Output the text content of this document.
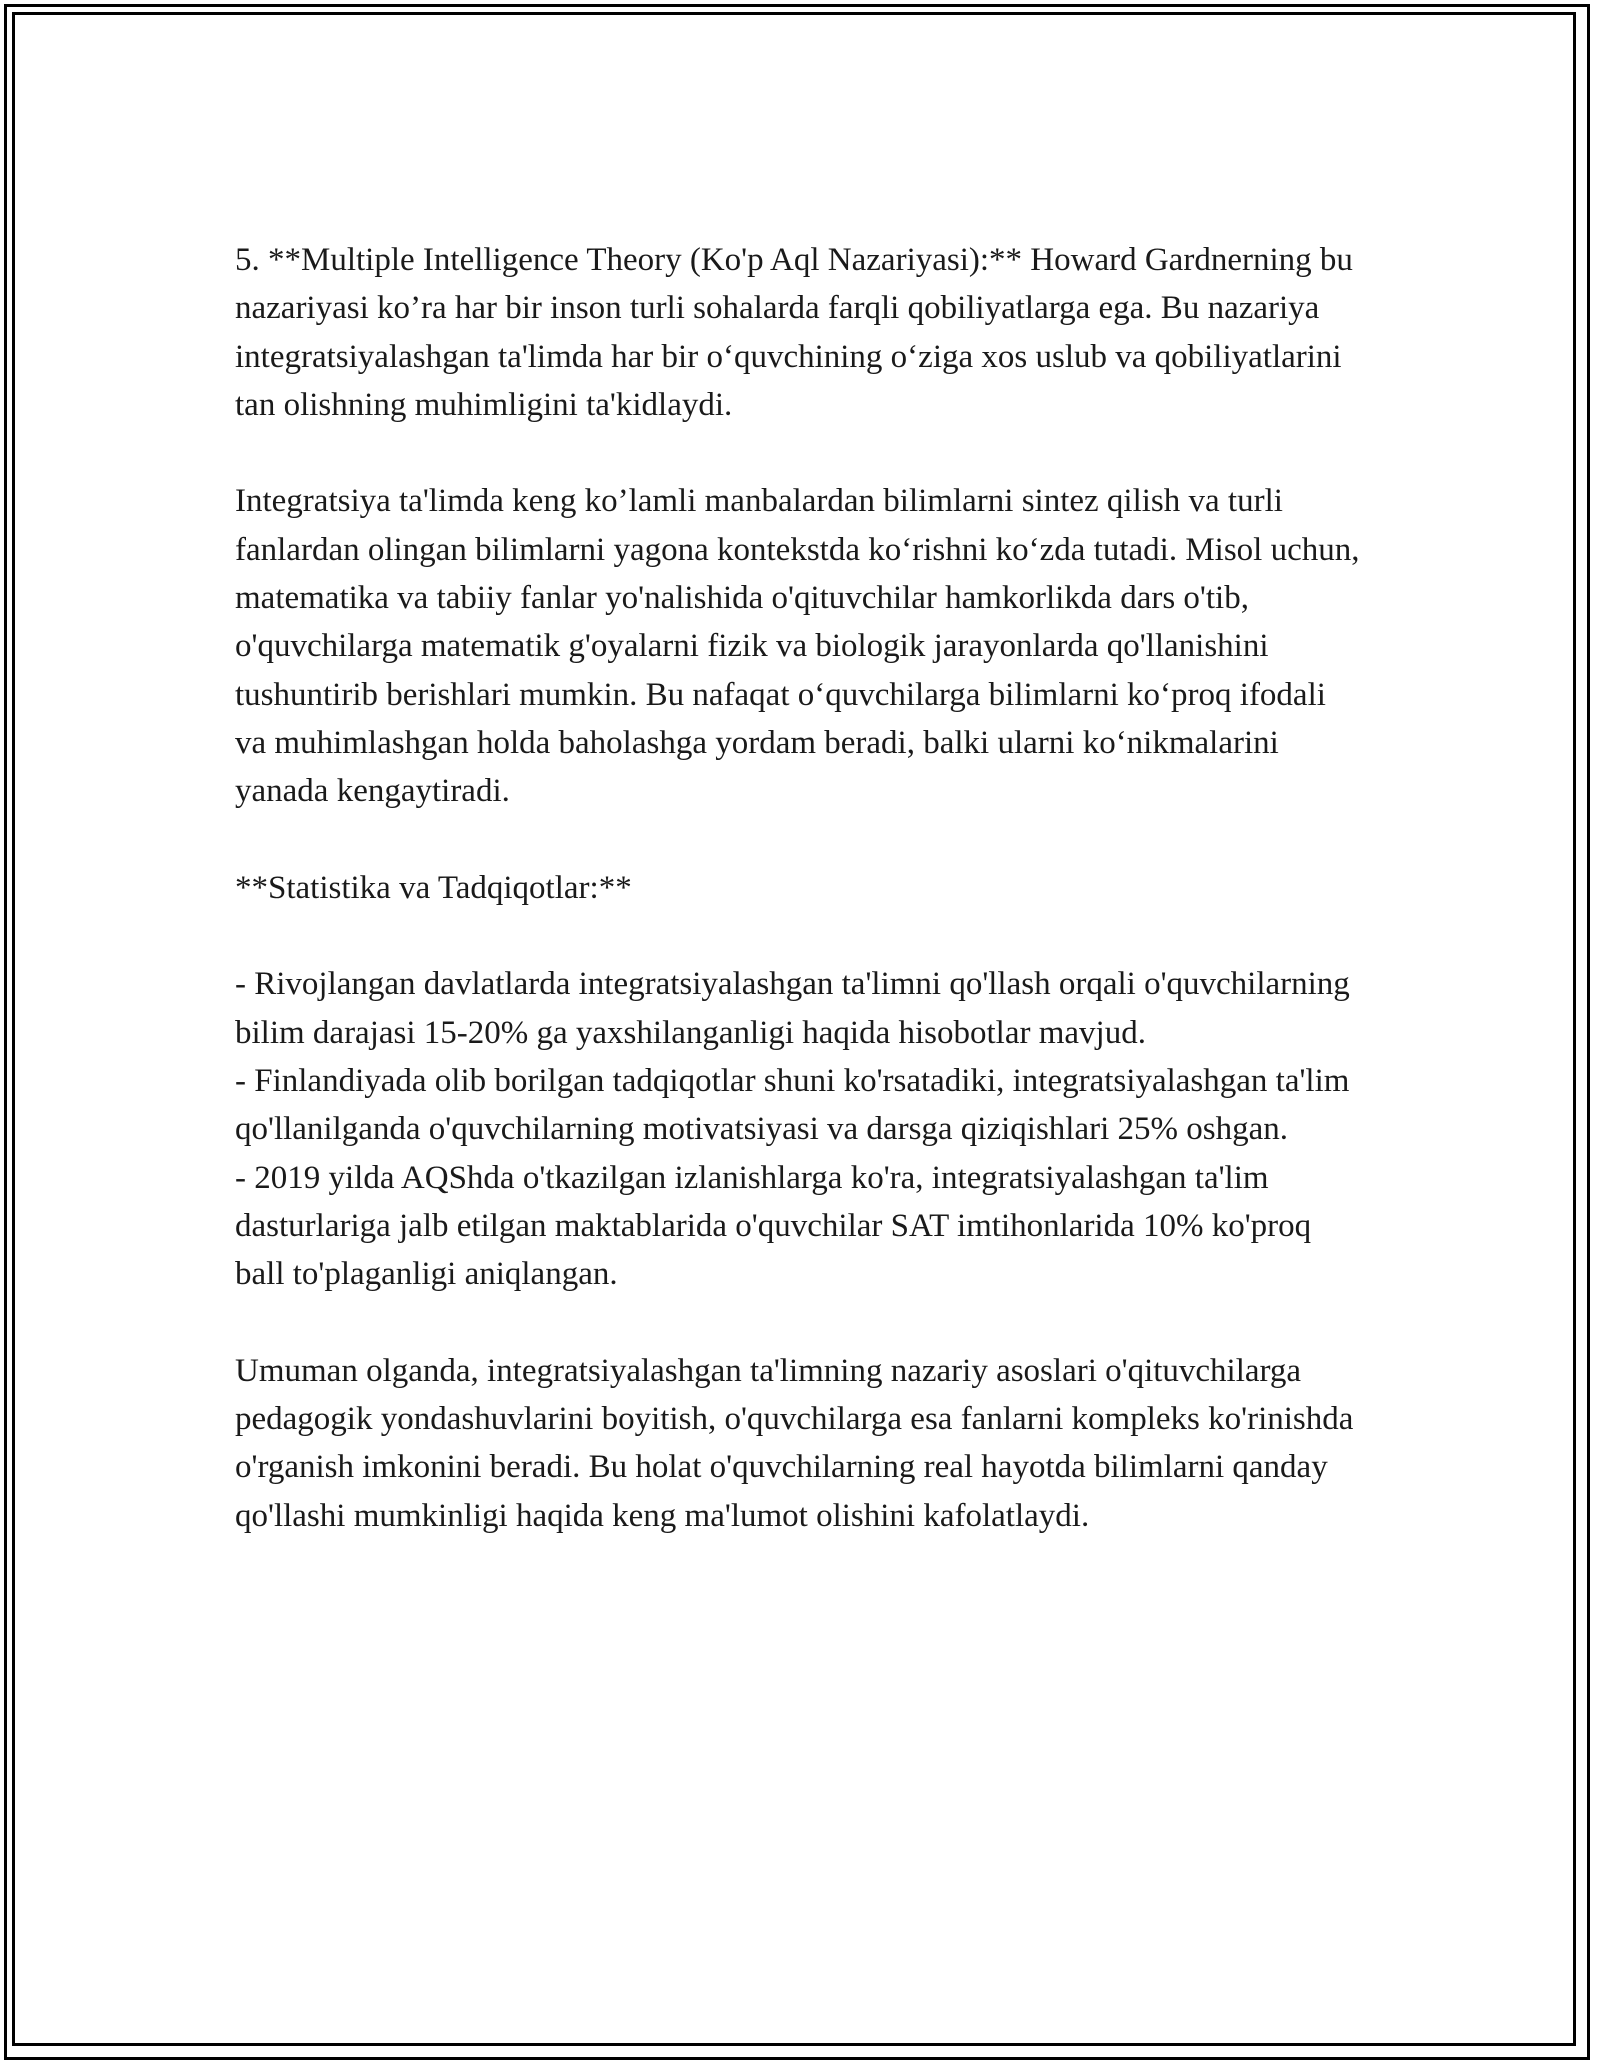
5. **Multiple Intelligence Theory (Ko'p Aql Nazariyasi):** Howard Gardnerning bu nazariyasi ko’ra har bir inson turli sohalarda farqli qobiliyatlarga ega. Bu nazariya integratsiyalashgan ta'limda har bir o‘quvchining o‘ziga xos uslub va qobiliyatlarini tan olishning muhimligini ta'kidlaydi.

Integratsiya ta'limda keng ko’lamli manbalardan bilimlarni sintez qilish va turli fanlardan olingan bilimlarni yagona kontekstda ko‘rishni ko‘zda tutadi. Misol uchun, matematika va tabiiy fanlar yo'nalishida o'qituvchilar hamkorlikda dars o'tib, o'quvchilarga matematik g'oyalarni fizik va biologik jarayonlarda qo'llanishini tushuntirib berishlari mumkin. Bu nafaqat o‘quvchilarga bilimlarni ko‘proq ifodali va muhimlashgan holda baholashga yordam beradi, balki ularni ko‘nikmalarini yanada kengaytiradi.

**Statistika va Tadqiqotlar:**

- Rivojlangan davlatlarda integratsiyalashgan ta'limni qo'llash orqali o'quvchilarning bilim darajasi 15-20% ga yaxshilanganligi haqida hisobotlar mavjud.

- Finlandiyada olib borilgan tadqiqotlar shuni ko'rsatadiki, integratsiyalashgan ta'lim qo'llanilganda o'quvchilarning motivatsiyasi va darsga qiziqishlari 25% oshgan.

- 2019 yilda AQShda o'tkazilgan izlanishlarga ko'ra, integratsiyalashgan ta'lim dasturlariga jalb etilgan maktablarida o'quvchilar SAT imtihonlarida 10% ko'proq ball to'plaganligi aniqlangan.

Umuman olganda, integratsiyalashgan ta'limning nazariy asoslari o'qituvchilarga pedagogik yondashuvlarini boyitish, o'quvchilarga esa fanlarni kompleks ko'rinishda o'rganish imkonini beradi. Bu holat o'quvchilarning real hayotda bilimlarni qanday qo'llashi mumkinligi haqida keng ma'lumot olishini kafolatlaydi.
